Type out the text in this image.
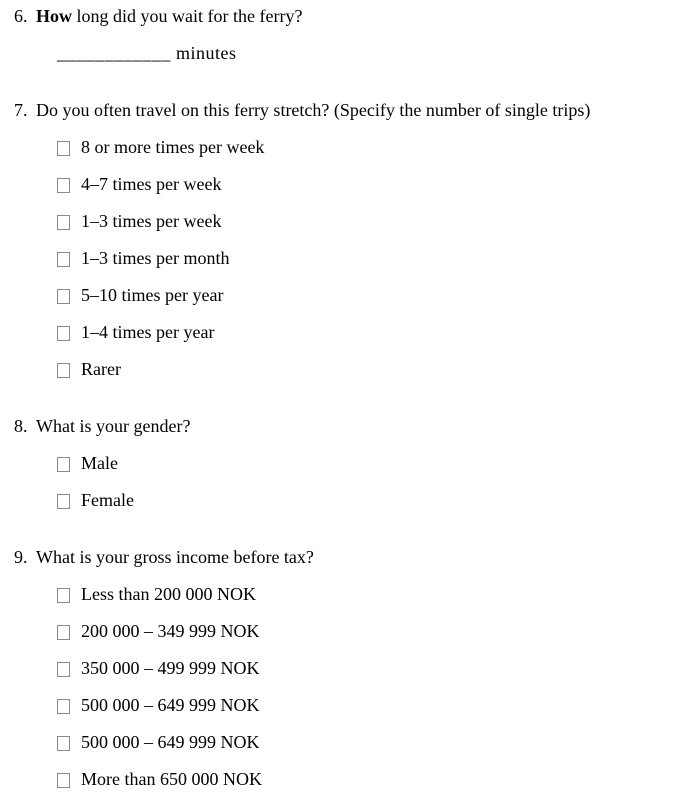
6. How long did you wait for the ferry?
____________ minutes
7. Do you often travel on this ferry stretch? (Specify the number of single trips)
8 or more times per week
4–7 times per week
1–3 times per week
1–3 times per month
5–10 times per year
1–4 times per year
Rarer
8. What is your gender?
Male
Female
9. What is your gross income before tax?
Less than 200 000 NOK
200 000 – 349 999 NOK
350 000 – 499 999 NOK
500 000 – 649 999 NOK
500 000 – 649 999 NOK
More than 650 000 NOK
